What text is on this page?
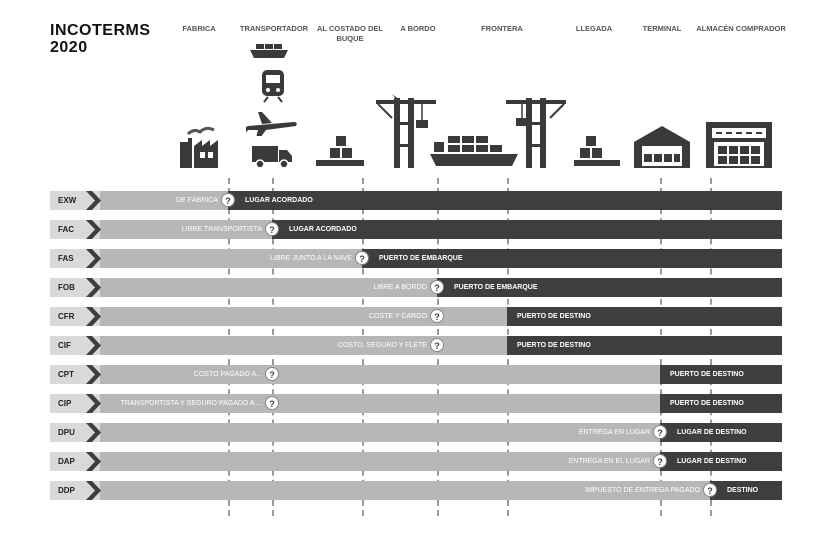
INCOTERMS
2020
FABRICA	TRANSPORTADOR	AL COSTADO DEL BUQUE
A BORDO	FRONTERA	LLEGADA	TERMINAL	ALMACÉN COMPRADOR
EXW	DE FÁBRICA ?	LUGAR ACORDADO
FAC	LIBRE TRANSPORTISTA ?	LUGAR ACORDADO
FAS	LIBRE JUNTO A LA NAVE ?	PUERTO DE EMBARQUE
FOB	LIBRE A BORDO ?	PUERTO DE EMBARQUE
CFR	COSTE Y CARGO ?	PUERTO DE DESTINO
CIF	COSTO, SEGURO Y FLETE ?	PUERTO DE DESTINO
CPT	COSTO PAGADO A... ?	PUERTO DE DESTINO
CIP	TRANSPORTISTA Y SEGURO PAGADO A ... ?	PUERTO DE DESTINO
DPU	ENTREGA EN LUGAR ?	LUGAR DE DESTINO
DAP	ENTREGA EN EL LUGAR ?	LUGAR DE DESTINO
DDP	IMPUESTO DE ENTREGA PAGADO ?	DESTINO
